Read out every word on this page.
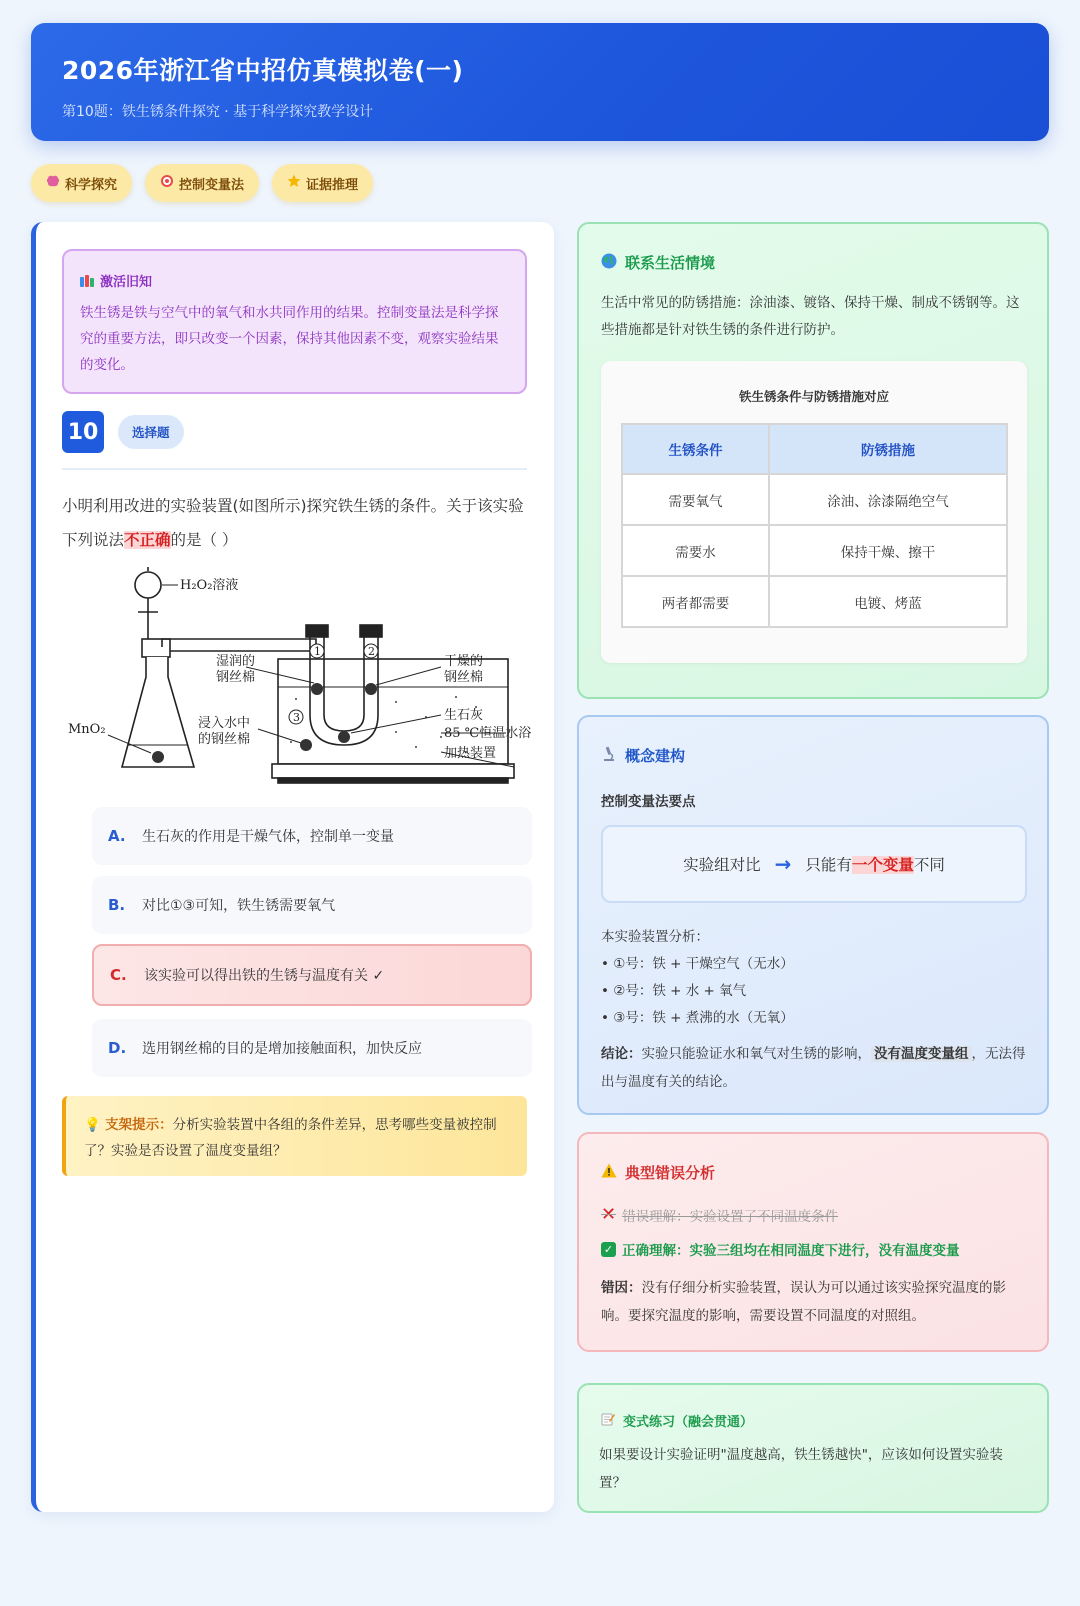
2026年浙江省中招仿真模拟卷(一)
第10题：铁生锈条件探究 · 基于科学探究教学设计
科学探究	控制变量法	证据推理
激活旧知
铁生锈是铁与空气中的氧气和水共同作用的结果。控制变量法是科学探究的重要方法，即只改变一个因素，保持其他因素不变，观察实验结果的变化。
10	选择题
小明利用改进的实验装置(如图所示)探究铁生锈的条件。关于该实验下列说法不正确的是（ ）
1	2
3
H₂O₂溶液
湿润的
钢丝棉
干燥的
钢丝棉
MnO₂	浸入水中
的钢丝棉
生石灰
85 ℃恒温水浴
加热装置
A.	生石灰的作用是干燥气体，控制单一变量
B.	对比①③可知，铁生锈需要氧气
C.	该实验可以得出铁的生锈与温度有关 ✓
D.	选用钢丝棉的目的是增加接触面积，加快反应
💡 支架提示：分析实验装置中各组的条件差异，思考哪些变量被控制了？实验是否设置了温度变量组？
联系生活情境
生活中常见的防锈措施：涂油漆、镀铬、保持干燥、制成不锈钢等。这些措施都是针对铁生锈的条件进行防护。
铁生锈条件与防锈措施对应
生锈条件	防锈措施
需要氧气	涂油、涂漆隔绝空气
需要水	保持干燥、擦干
两者都需要	电镀、烤蓝
概念建构
控制变量法要点
实验组对比 → 只能有一个变量不同
本实验装置分析：
• ①号：铁 + 干燥空气（无水）
• ②号：铁 + 水 + 氧气
• ③号：铁 + 煮沸的水（无氧）
结论：实验只能验证水和氧气对生锈的影响， 没有温度变量组 ，无法得出与温度有关的结论。
典型错误分析
✕ 错误理解：实验设置了不同温度条件
✓ 正确理解：实验三组均在相同温度下进行，没有温度变量
错因：没有仔细分析实验装置，误认为可以通过该实验探究温度的影响。要探究温度的影响，需要设置不同温度的对照组。
变式练习（融会贯通）
如果要设计实验证明"温度越高，铁生锈越快"，应该如何设置实验装置？
